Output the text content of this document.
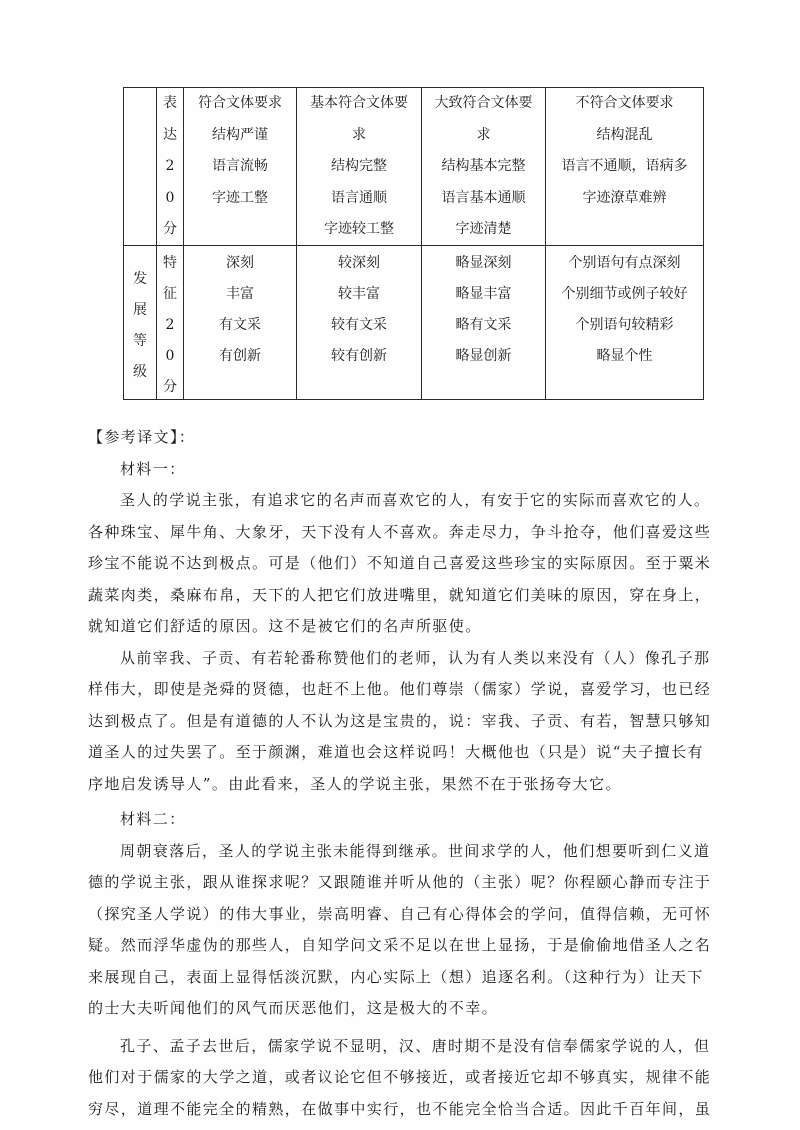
表达20分
符合文体要求
结构严谨
语言流畅
字迹工整
基本符合文体要
求
结构完整
语言通顺
字迹较工整
大致符合文体要
求
结构基本完整
语言基本通顺
字迹清楚
不符合文体要求
结构混乱
语言不通顺，语病多
字迹潦草难辨
发展等级
特征20分
深刻
丰富
有文采
有创新
较深刻
较丰富
较有文采
较有创新
略显深刻
略显丰富
略有文采
略显创新
个别语句有点深刻
个别细节或例子较好
个别语句较精彩
略显个性
【参考译文】：
材料一：
圣人的学说主张，有追求它的名声而喜欢它的人，有安于它的实际而喜欢它的人。
各种珠宝、犀牛角、大象牙，天下没有人不喜欢。奔走尽力，争斗抢夺，他们喜爱这些
珍宝不能说不达到极点。可是（他们）不知道自己喜爱这些珍宝的实际原因。至于粟米
蔬菜肉类，桑麻布帛，天下的人把它们放进嘴里，就知道它们美味的原因，穿在身上，
就知道它们舒适的原因。这不是被它们的名声所驱使。
从前宰我、子贡、有若轮番称赞他们的老师，认为有人类以来没有（人）像孔子那
样伟大，即使是尧舜的贤德，也赶不上他。他们尊崇（儒家）学说，喜爱学习，也已经
达到极点了。但是有道德的人不认为这是宝贵的，说：宰我、子贡、有若，智慧只够知
道圣人的过失罢了。至于颜渊，难道也会这样说吗！大概他也（只是）说“夫子擅长有
序地启发诱导人”。由此看来，圣人的学说主张，果然不在于张扬夸大它。
材料二：
周朝衰落后，圣人的学说主张未能得到继承。世间求学的人，他们想要听到仁义道
德的学说主张，跟从谁探求呢？又跟随谁并听从他的（主张）呢？你程颐心静而专注于
（探究圣人学说）的伟大事业，崇高明睿、自己有心得体会的学问，值得信赖，无可怀
疑。然而浮华虚伪的那些人，自知学问文采不足以在世上显扬，于是偷偷地借圣人之名
来展现自己，表面上显得恬淡沉默，内心实际上（想）追逐名利。（这种行为）让天下
的士大夫听闻他们的风气而厌恶他们，这是极大的不幸。
孔子、孟子去世后，儒家学说不显明，汉、唐时期不是没有信奉儒家学说的人，但
他们对于儒家的大学之道，或者议论它但不够接近，或者接近它却不够真实，规律不能
穷尽，道理不能完全的精熟，在做事中实行，也不能完全恰当合适。因此千百年间，虽
